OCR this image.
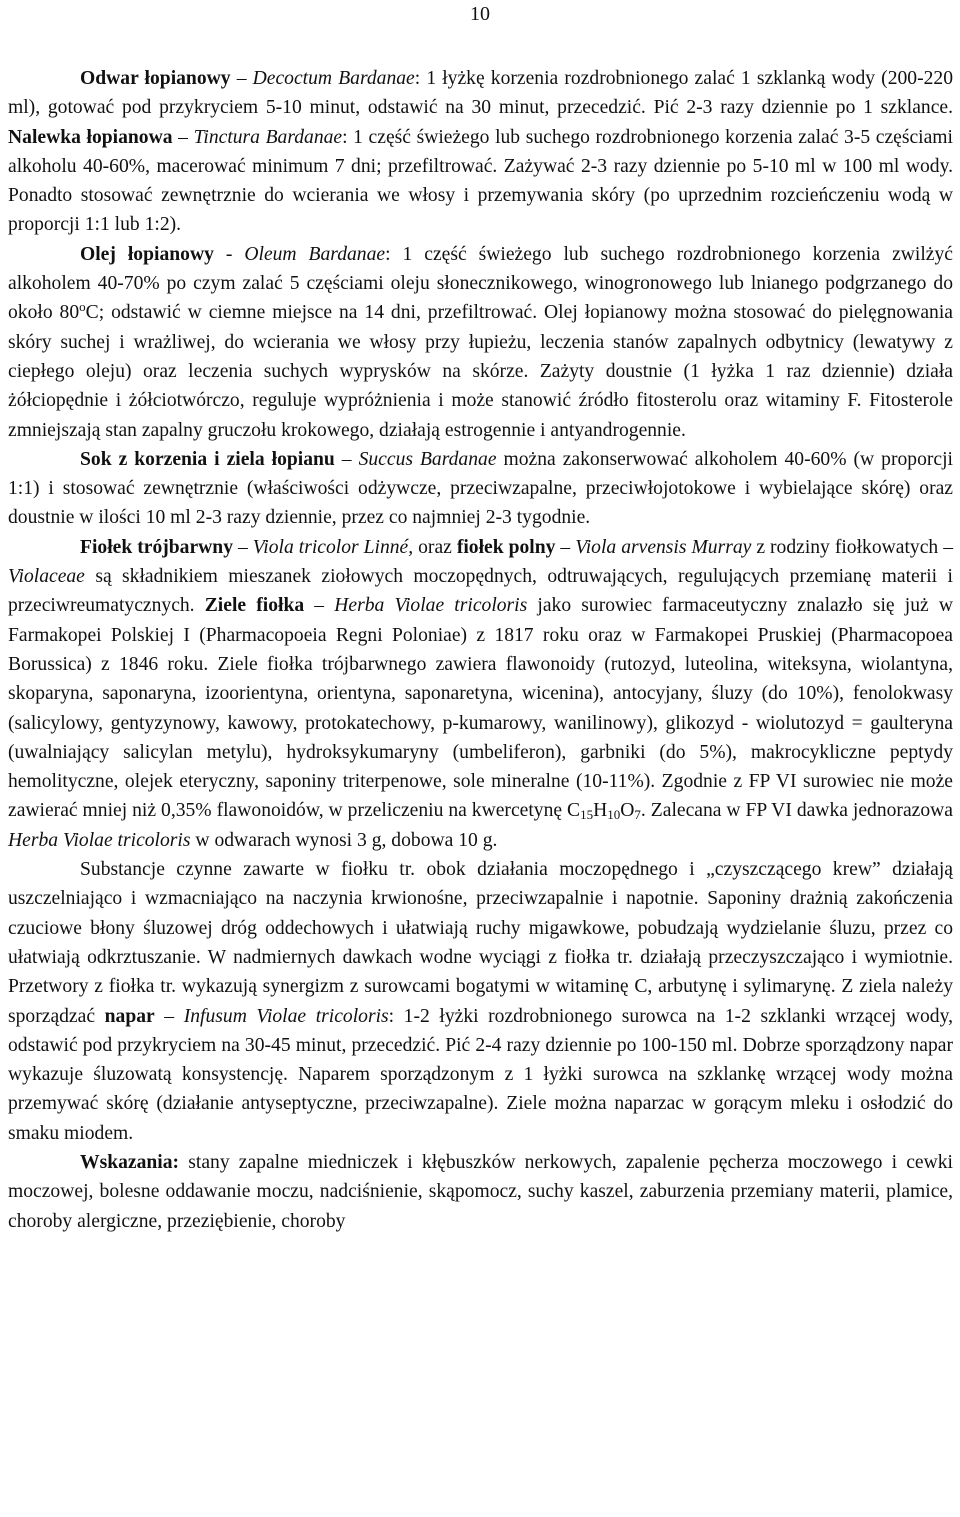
10

Odwar łopianowy – Decoctum Bardanae: 1 łyżkę korzenia rozdrobnionego zalać 1 szklanką wody (200-220 ml), gotować pod przykryciem 5-10 minut, odstawić na 30 minut, przecedzić. Pić 2-3 razy dziennie po 1 szklance. Nalewka łopianowa – Tinctura Bardanae: 1 część świeżego lub suchego rozdrobnionego korzenia zalać 3-5 częściami alkoholu 40-60%, macerować minimum 7 dni; przefiltrować. Zażywać 2-3 razy dziennie po 5-10 ml w 100 ml wody. Ponadto stosować zewnętrznie do wcierania we włosy i przemywania skóry (po uprzednim rozcieńczeniu wodą w proporcji 1:1 lub 1:2).

Olej łopianowy - Oleum Bardanae: 1 część świeżego lub suchego rozdrobnionego korzenia zwilżyć alkoholem 40-70% po czym zalać 5 częściami oleju słonecznikowego, winogronowego lub lnianego podgrzanego do około 80$^o$C; odstawić w ciemne miejsce na 14 dni, przefiltrować. Olej łopianowy można stosować do pielęgnowania skóry suchej i wrażliwej, do wcierania we włosy przy łupieżu, leczenia stanów zapalnych odbytnicy (lewatywy z ciepłego oleju) oraz leczenia suchych wyprysków na skórze. Zażyty doustnie (1 łyżka 1 raz dziennie) działa żółciopędnie i żółciotwórczo, reguluje wypróżnienia i może stanowić źródło fitosterolu oraz witaminy F. Fitosterole zmniejszają stan zapalny gruczołu krokowego, działają estrogennie i antyandrogennie.

Sok z korzenia i ziela łopianu – Succus Bardanae można zakonserwować alkoholem 40-60% (w proporcji 1:1) i stosować zewnętrznie (właściwości odżywcze, przeciwzapalne, przeciwłojotokowe i wybielające skórę) oraz doustnie w ilości 10 ml 2-3 razy dziennie, przez co najmniej 2-3 tygodnie.

Fiołek trójbarwny – Viola tricolor Linné, oraz fiołek polny – Viola arvensis Murray z rodziny fiołkowatych – Violaceae są składnikiem mieszanek ziołowych moczopędnych, odtruwających, regulujących przemianę materii i przeciwreumatycznych. Ziele fiołka – Herba Violae tricoloris jako surowiec farmaceutyczny znalazło się już w Farmakopei Polskiej I (Pharmacopoeia Regni Poloniae) z 1817 roku oraz w Farmakopei Pruskiej (Pharmacopoea Borussica) z 1846 roku. Ziele fiołka trójbarwnego zawiera flawonoidy (rutozyd, luteolina, witeksyna, wiolantyna, skoparyna, saponaryna, izoorientyna, orientyna, saponaretyna, wicenina), antocyjany, śluzy (do 10%), fenolokwasy (salicylowy, gentyzynowy, kawowy, protokatechowy, p-kumarowy, wanilinowy), glikozyd - wiolutozyd = gaulteryna (uwalniający salicylan metylu), hydroksykumaryny (umbeliferon), garbniki (do 5%), makrocykliczne peptydy hemolityczne, olejek eteryczny, saponiny triterpenowe, sole mineralne (10-11%). Zgodnie z FP VI surowiec nie może zawierać mniej niż 0,35% flawonoidów, w przeliczeniu na kwercetynę $C_{15}H_{10}O_7$. Zalecana w FP VI dawka jednorazowa Herba Violae tricoloris w odwarach wynosi 3 g, dobowa 10 g.

Substancje czynne zawarte w fiołku tr. obok działania moczopędnego i „czyszczącego krew” działają uszczelniająco i wzmacniająco na naczynia krwionośne, przeciwzapalnie i napotnie. Saponiny drażnią zakończenia czuciowe błony śluzowej dróg oddechowych i ułatwiają ruchy migawkowe, pobudzają wydzielanie śluzu, przez co ułatwiają odkrztuszanie. W nadmiernych dawkach wodne wyciągi z fiołka tr. działają przeczyszczająco i wymiotnie. Przetwory z fiołka tr. wykazują synergizm z surowcami bogatymi w witaminę C, arbutynę i sylimarynę. Z ziela należy sporządzać napar – Infusum Violae tricoloris: 1-2 łyżki rozdrobnionego surowca na 1-2 szklanki wrzącej wody, odstawić pod przykryciem na 30-45 minut, przecedzić. Pić 2-4 razy dziennie po 100-150 ml. Dobrze sporządzony napar wykazuje śluzowatą konsystencję. Naparem sporządzonym z 1 łyżki surowca na szklankę wrzącej wody można przemywać skórę (działanie antyseptyczne, przeciwzapalne). Ziele można naparzac w gorącym mleku i osłodzić do smaku miodem.

Wskazania: stany zapalne miedniczek i kłębuszków nerkowych, zapalenie pęcherza moczowego i cewki moczowej, bolesne oddawanie moczu, nadciśnienie, skąpomocz, suchy kaszel, zaburzenia przemiany materii, plamice, choroby alergiczne, przeziębienie, choroby
